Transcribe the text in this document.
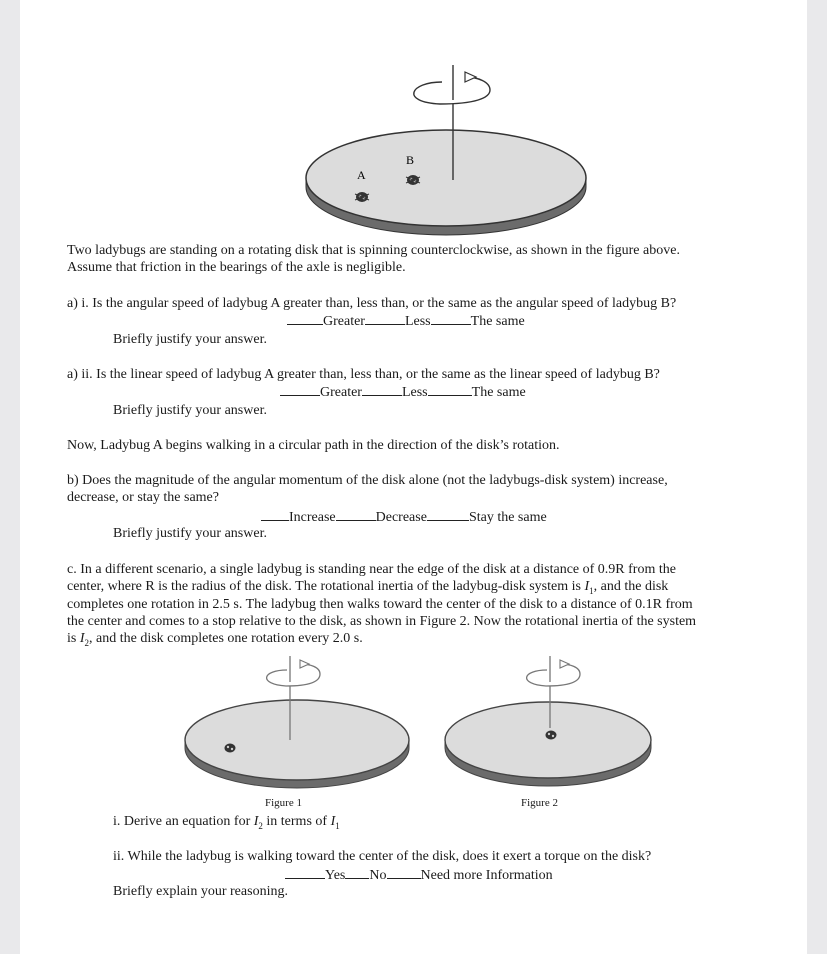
A
B
Two ladybugs are standing on a rotating disk that is spinning counterclockwise, as shown in the figure above.
Assume that friction in the bearings of the axle is negligible.
a) i. Is the angular speed of ladybug A greater than, less than, or the same as the angular speed of ladybug B?
Greater	Less	The same
Briefly justify your answer.
a) ii. Is the linear speed of ladybug A greater than, less than, or the same as the linear speed of ladybug B?
Greater	Less	The same
Briefly justify your answer.
Now, Ladybug A begins walking in a circular path in the direction of the disk’s rotation.
b) Does the magnitude of the angular momentum of the disk alone (not the ladybugs-disk system) increase,
decrease, or stay the same?
Increase	Decrease	Stay the same
Briefly justify your answer.
c. In a different scenario, a single ladybug is standing near the edge of the disk at a distance of 0.9R from the
center, where R is the radius of the disk. The rotational inertia of the ladybug-disk system is $I_1$, and the disk
completes one rotation in 2.5 s. The ladybug then walks toward the center of the disk to a distance of 0.1R from
the center and comes to a stop relative to the disk, as shown in Figure 2. Now the rotational inertia of the system
is $I_2$, and the disk completes one rotation every 2.0 s.
Figure 1	Figure 2
i. Derive an equation for $I_2$ in terms of $I_1$
ii. While the ladybug is walking toward the center of the disk, does it exert a torque on the disk?
Yes No Need more Information
Briefly explain your reasoning.
